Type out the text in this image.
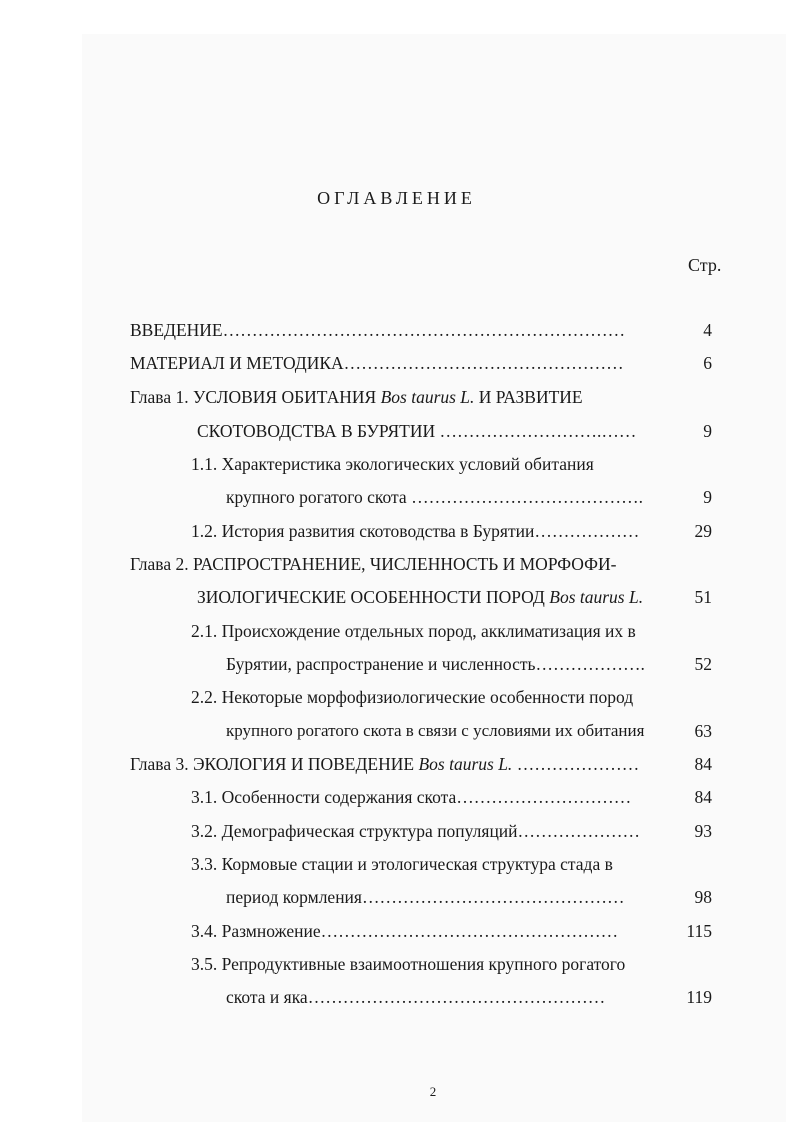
ОГЛАВЛЕНИЕ
Стр.
ВВЕДЕНИЕ……………………………………………………………	4
МАТЕРИАЛ И МЕТОДИКА…………………………………………	6
Глава 1. УСЛОВИЯ ОБИТАНИЯ Bos taurus L. И РАЗВИТИЕ
СКОТОВОДСТВА В БУРЯТИИ ……………………….……	9
1.1. Характеристика экологических условий обитания
крупного рогатого скота ………………………………….	9
1.2. История развития скотоводства в Бурятии………………	29
Глава 2. РАСПРОСТРАНЕНИЕ, ЧИСЛЕННОСТЬ И МОРФОФИ-
ЗИОЛОГИЧЕСКИЕ ОСОБЕННОСТИ ПОРОД Bos taurus L.	51
2.1. Происхождение отдельных пород, акклиматизация их в
Бурятии, распространение и численность……………….	52
2.2. Некоторые морфофизиологические особенности пород
крупного рогатого скота в связи с условиями их обитания	63
Глава 3. ЭКОЛОГИЯ И ПОВЕДЕНИЕ Bos taurus L. …………………	84
3.1. Особенности содержания скота…………………………	84
3.2. Демографическая структура популяций…………………	93
3.3. Кормовые стации и этологическая структура стада в
период кормления………………………………………	98
3.4. Размножение……………………………………………	115
3.5. Репродуктивные взаимоотношения крупного рогатого
скота и яка……………………………………………	119
2
